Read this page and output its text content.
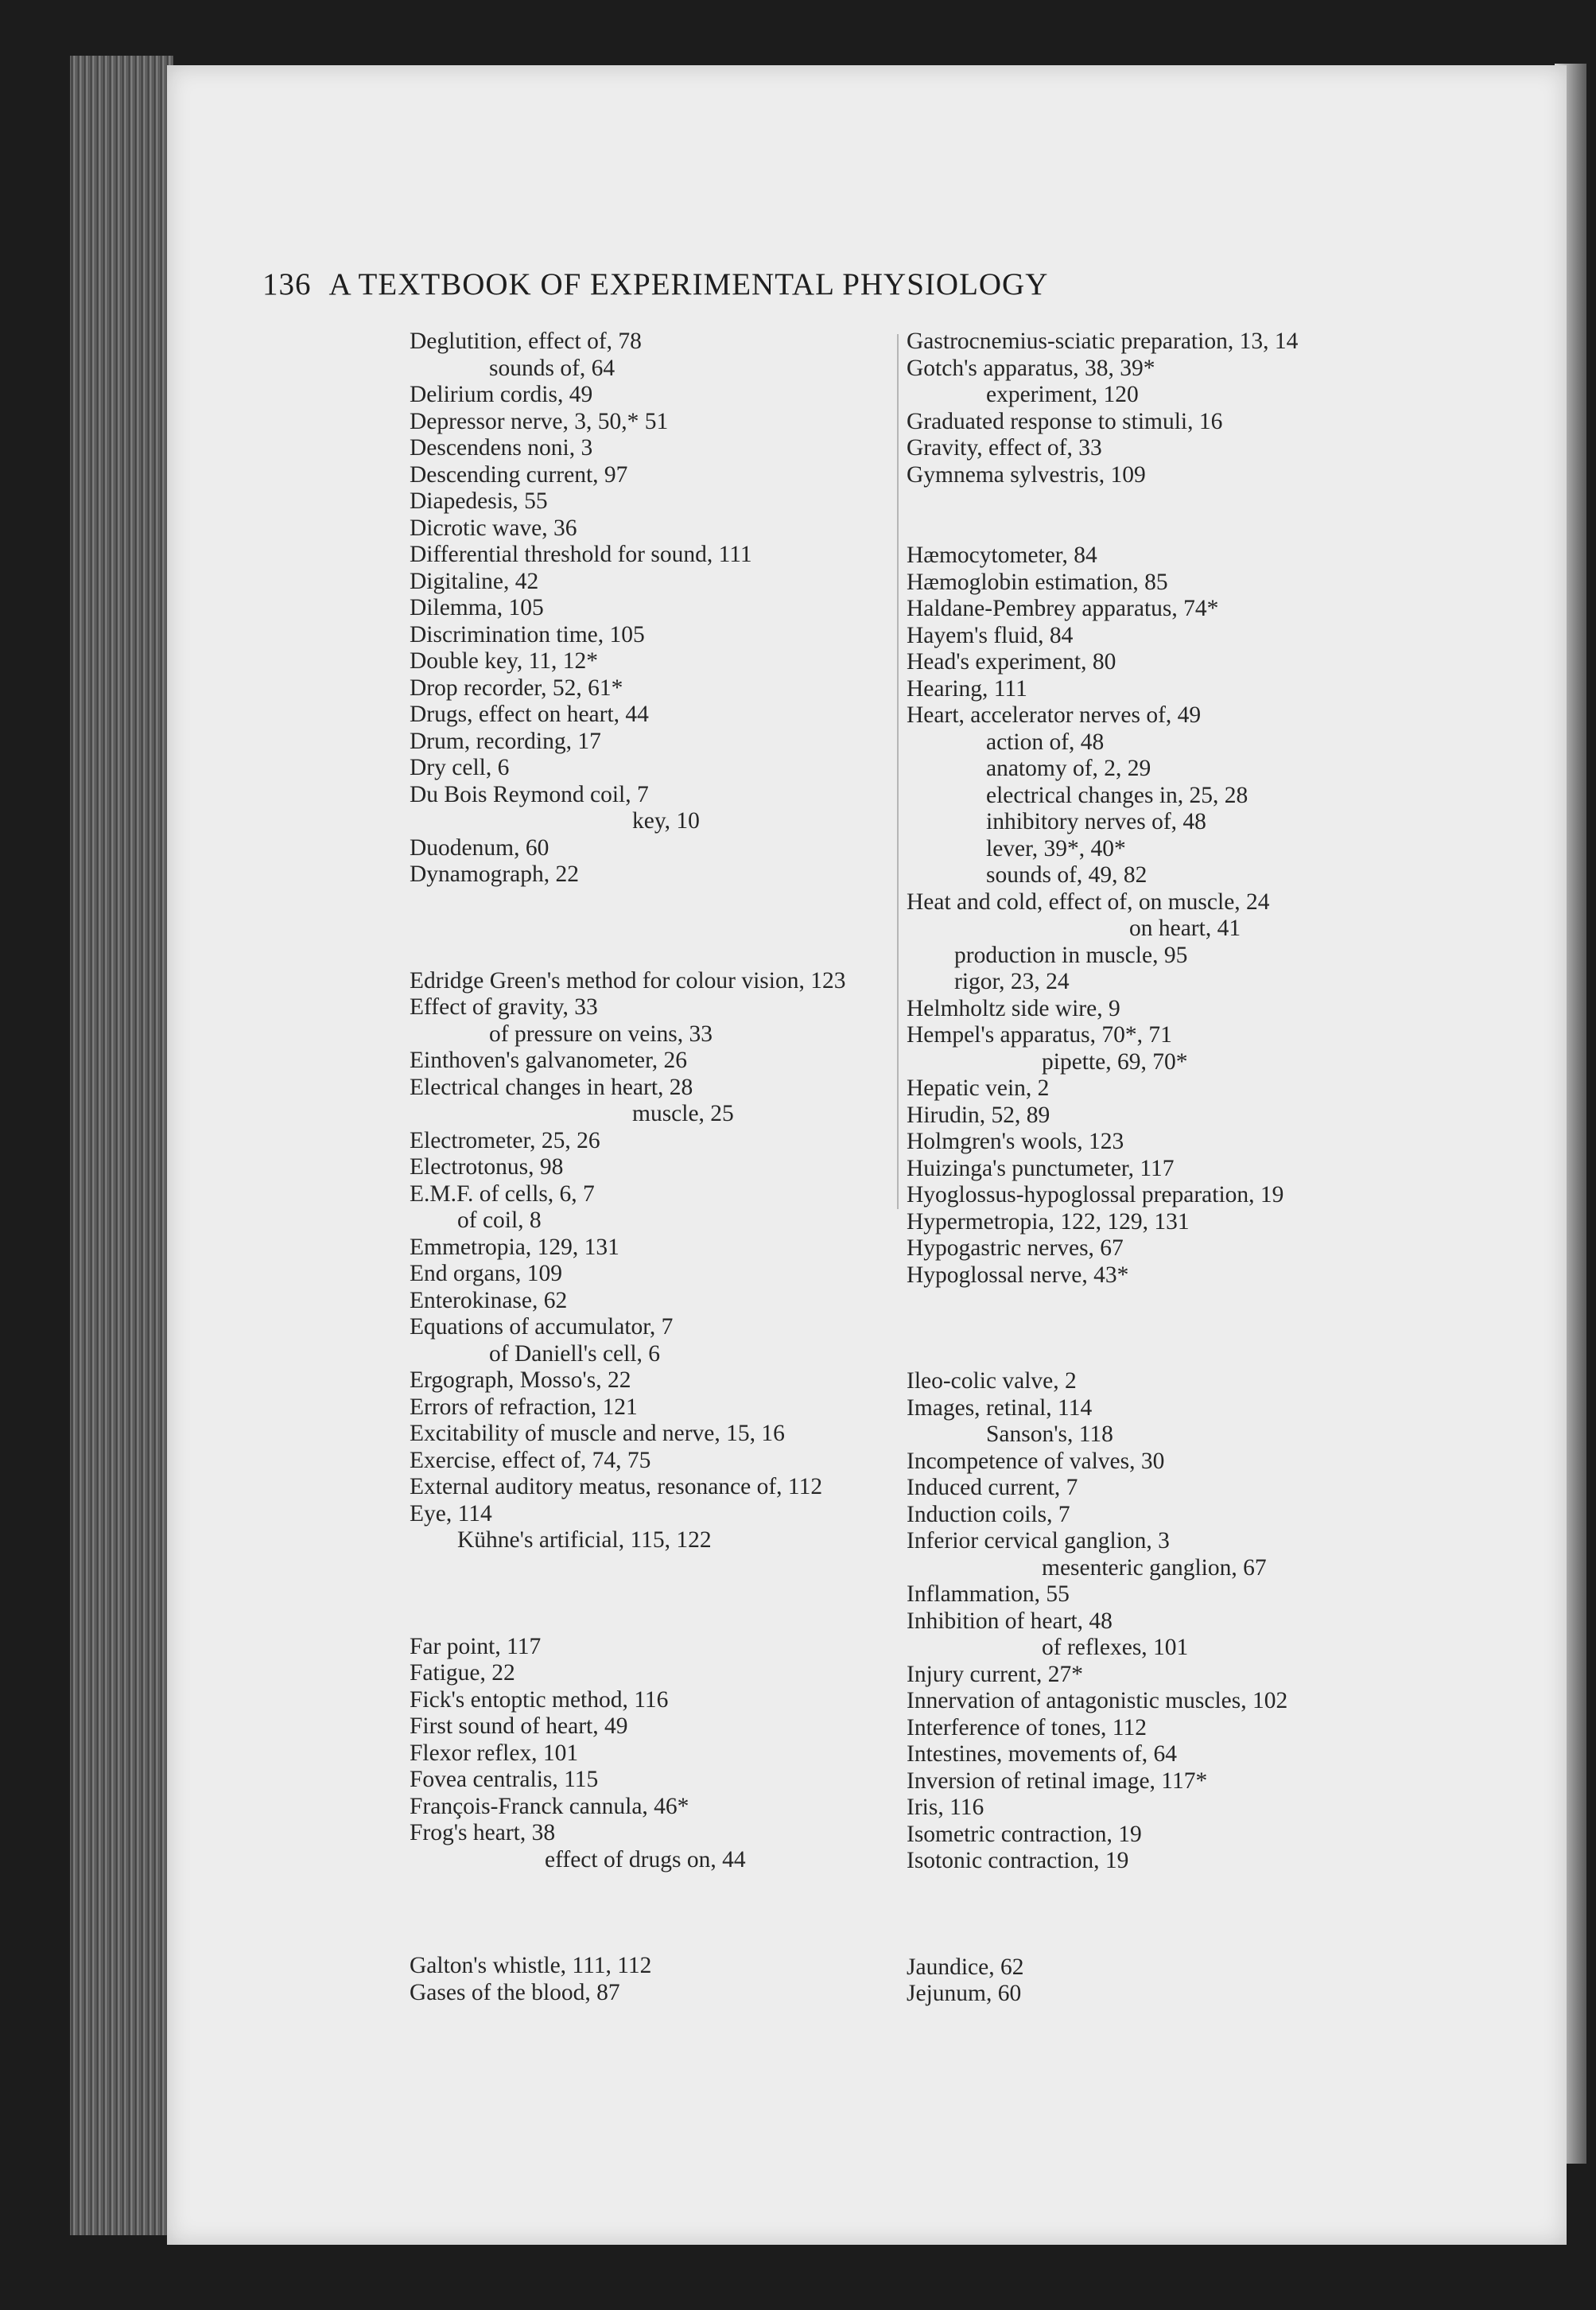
136 A TEXTBOOK OF EXPERIMENTAL PHYSIOLOGY
Deglutition, effect of, 78
sounds of, 64
Delirium cordis, 49
Depressor nerve, 3, 50,* 51
Descendens noni, 3
Descending current, 97
Diapedesis, 55
Dicrotic wave, 36
Differential threshold for sound, 111
Digitaline, 42
Dilemma, 105
Discrimination time, 105
Double key, 11, 12*
Drop recorder, 52, 61*
Drugs, effect on heart, 44
Drum, recording, 17
Dry cell, 6
Du Bois Reymond coil, 7
key, 10
Duodenum, 60
Dynamograph, 22
Edridge Green's method for colour vision, 123
Effect of gravity, 33
of pressure on veins, 33
Einthoven's galvanometer, 26
Electrical changes in heart, 28
muscle, 25
Electrometer, 25, 26
Electrotonus, 98
E.M.F. of cells, 6, 7
of coil, 8
Emmetropia, 129, 131
End organs, 109
Enterokinase, 62
Equations of accumulator, 7
of Daniell's cell, 6
Ergograph, Mosso's, 22
Errors of refraction, 121
Excitability of muscle and nerve, 15, 16
Exercise, effect of, 74, 75
External auditory meatus, resonance of, 112
Eye, 114
Kühne's artificial, 115, 122
Far point, 117
Fatigue, 22
Fick's entoptic method, 116
First sound of heart, 49
Flexor reflex, 101
Fovea centralis, 115
François-Franck cannula, 46*
Frog's heart, 38
effect of drugs on, 44
Galton's whistle, 111, 112
Gases of the blood, 87
Gastrocnemius-sciatic preparation, 13, 14
Gotch's apparatus, 38, 39*
experiment, 120
Graduated response to stimuli, 16
Gravity, effect of, 33
Gymnema sylvestris, 109
Hæmocytometer, 84
Hæmoglobin estimation, 85
Haldane-Pembrey apparatus, 74*
Hayem's fluid, 84
Head's experiment, 80
Hearing, 111
Heart, accelerator nerves of, 49
action of, 48
anatomy of, 2, 29
electrical changes in, 25, 28
inhibitory nerves of, 48
lever, 39*, 40*
sounds of, 49, 82
Heat and cold, effect of, on muscle, 24
on heart, 41
production in muscle, 95
rigor, 23, 24
Helmholtz side wire, 9
Hempel's apparatus, 70*, 71
pipette, 69, 70*
Hepatic vein, 2
Hirudin, 52, 89
Holmgren's wools, 123
Huizinga's punctumeter, 117
Hyoglossus-hypoglossal preparation, 19
Hypermetropia, 122, 129, 131
Hypogastric nerves, 67
Hypoglossal nerve, 43*
Ileo-colic valve, 2
Images, retinal, 114
Sanson's, 118
Incompetence of valves, 30
Induced current, 7
Induction coils, 7
Inferior cervical ganglion, 3
mesenteric ganglion, 67
Inflammation, 55
Inhibition of heart, 48
of reflexes, 101
Injury current, 27*
Innervation of antagonistic muscles, 102
Interference of tones, 112
Intestines, movements of, 64
Inversion of retinal image, 117*
Iris, 116
Isometric contraction, 19
Isotonic contraction, 19
Jaundice, 62
Jejunum, 60
